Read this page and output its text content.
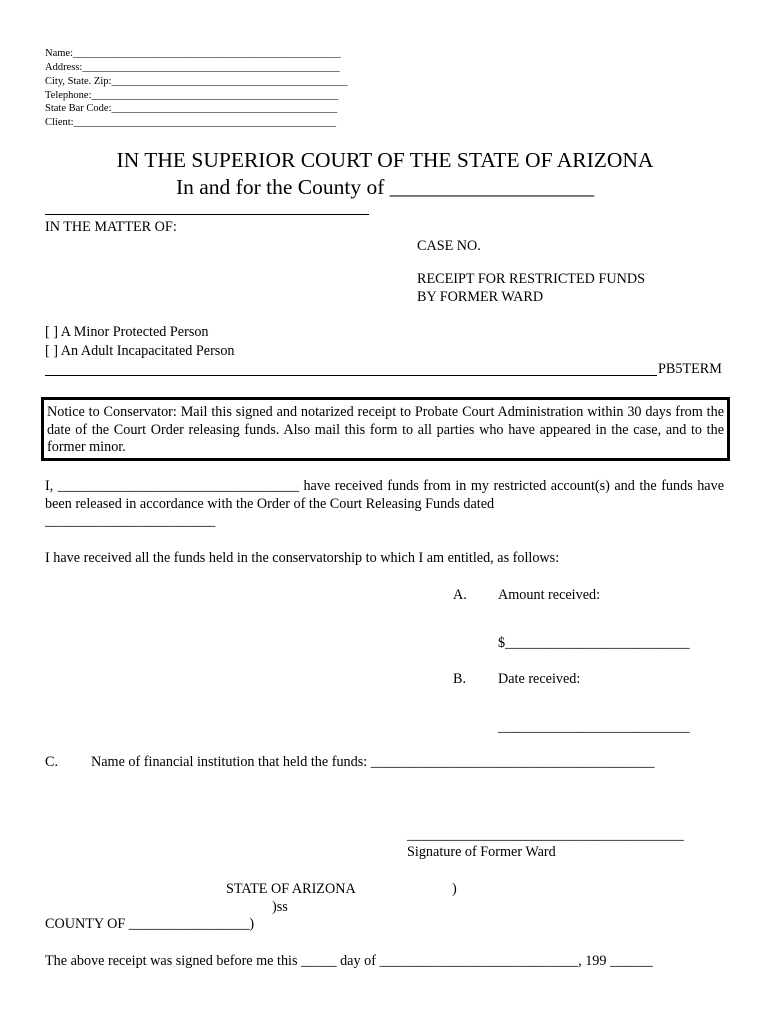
Name:___________________________________________________
Address:_________________________________________________
City, State. Zip:_____________________________________________
Telephone:_______________________________________________
State Bar Code:___________________________________________
Client:__________________________________________________
IN THE SUPERIOR COURT OF THE STATE OF ARIZONA
In and for the County of ___________________
IN THE MATTER OF:
CASE NO.
RECEIPT FOR RESTRICTED FUNDS
BY FORMER WARD
[ ] A Minor Protected Person
[ ] An Adult Incapacitated Person
PB5TERM
Notice to Conservator: Mail this signed and notarized receipt to Probate Court Administration within 30 days from the date of the Court Order releasing funds. Also mail this form to all parties who have appeared in the case, and to the former minor.
I, __________________________________ have received funds from in my restricted account(s) and the funds have been released in accordance with the Order of the Court Releasing Funds dated
________________________
I have received all the funds held in the conservatorship to which I am entitled, as follows:
A. Amount received:
$__________________________
B. Date received:
___________________________
C. Name of financial institution that held the funds: ________________________________________
_______________________________________
Signature of Former Ward
STATE OF ARIZONA	)
)ss
COUNTY OF _________________)
The above receipt was signed before me this _____ day of ____________________________, 199 ______
